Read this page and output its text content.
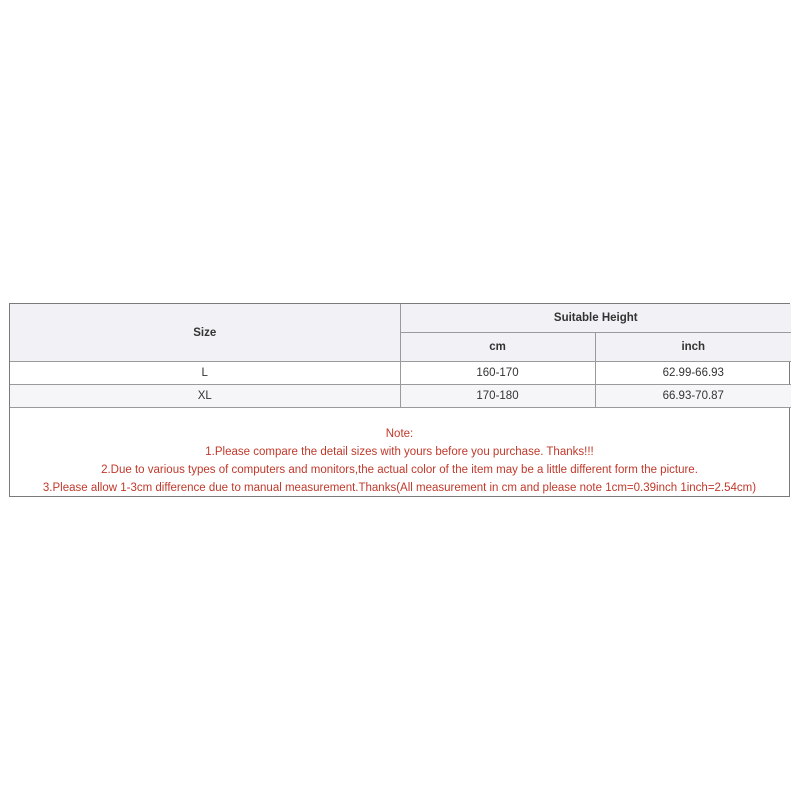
Size	Suitable Height	
	cm	inch
L	160-170	62.99-66.93
XL	170-180	66.93-70.87
Note:
1.Please compare the detail sizes with yours before you purchase. Thanks!!!
2.Due to various types of computers and monitors,the actual color of the item may be a little different form the picture.
3.Please allow 1-3cm difference due to manual measurement.Thanks(All measurement in cm and please note 1cm=0.39inch 1inch=2.54cm)
